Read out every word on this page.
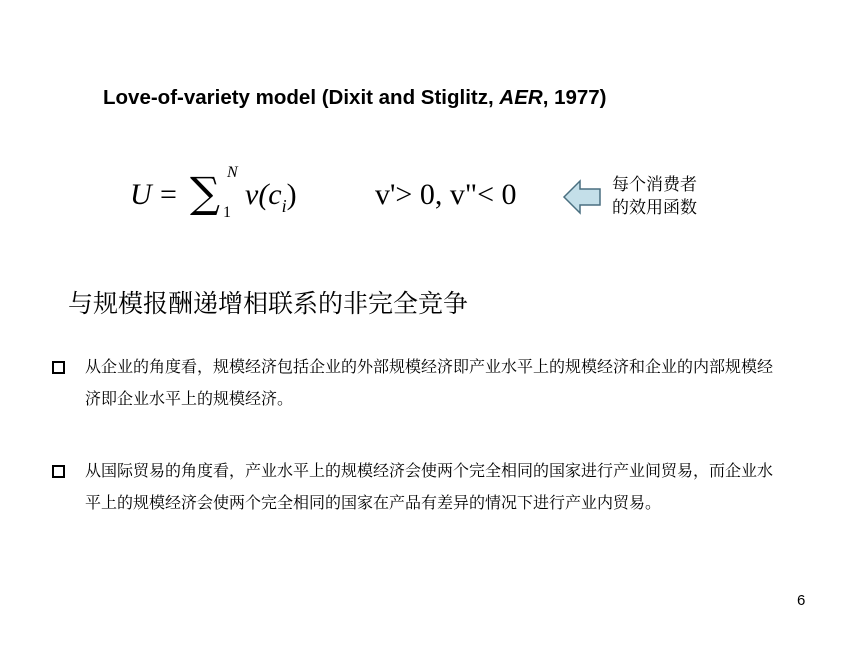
Love-of-variety model (Dixit and Stiglitz, AER, 1977)
U = ∑ N
1
$v(c_i)$	v'> 0, v"< 0	每个消费者
的效用函数
与规模报酬递增相联系的非完全竞争
从企业的角度看，规模经济包括企业的外部规模经济即产业水平上的规模经济和企业的内部规模经济即企业水平上的规模经济。
从国际贸易的角度看，产业水平上的规模经济会使两个完全相同的国家进行产业间贸易，而企业水平上的规模经济会使两个完全相同的国家在产品有差异的情况下进行产业内贸易。
6
